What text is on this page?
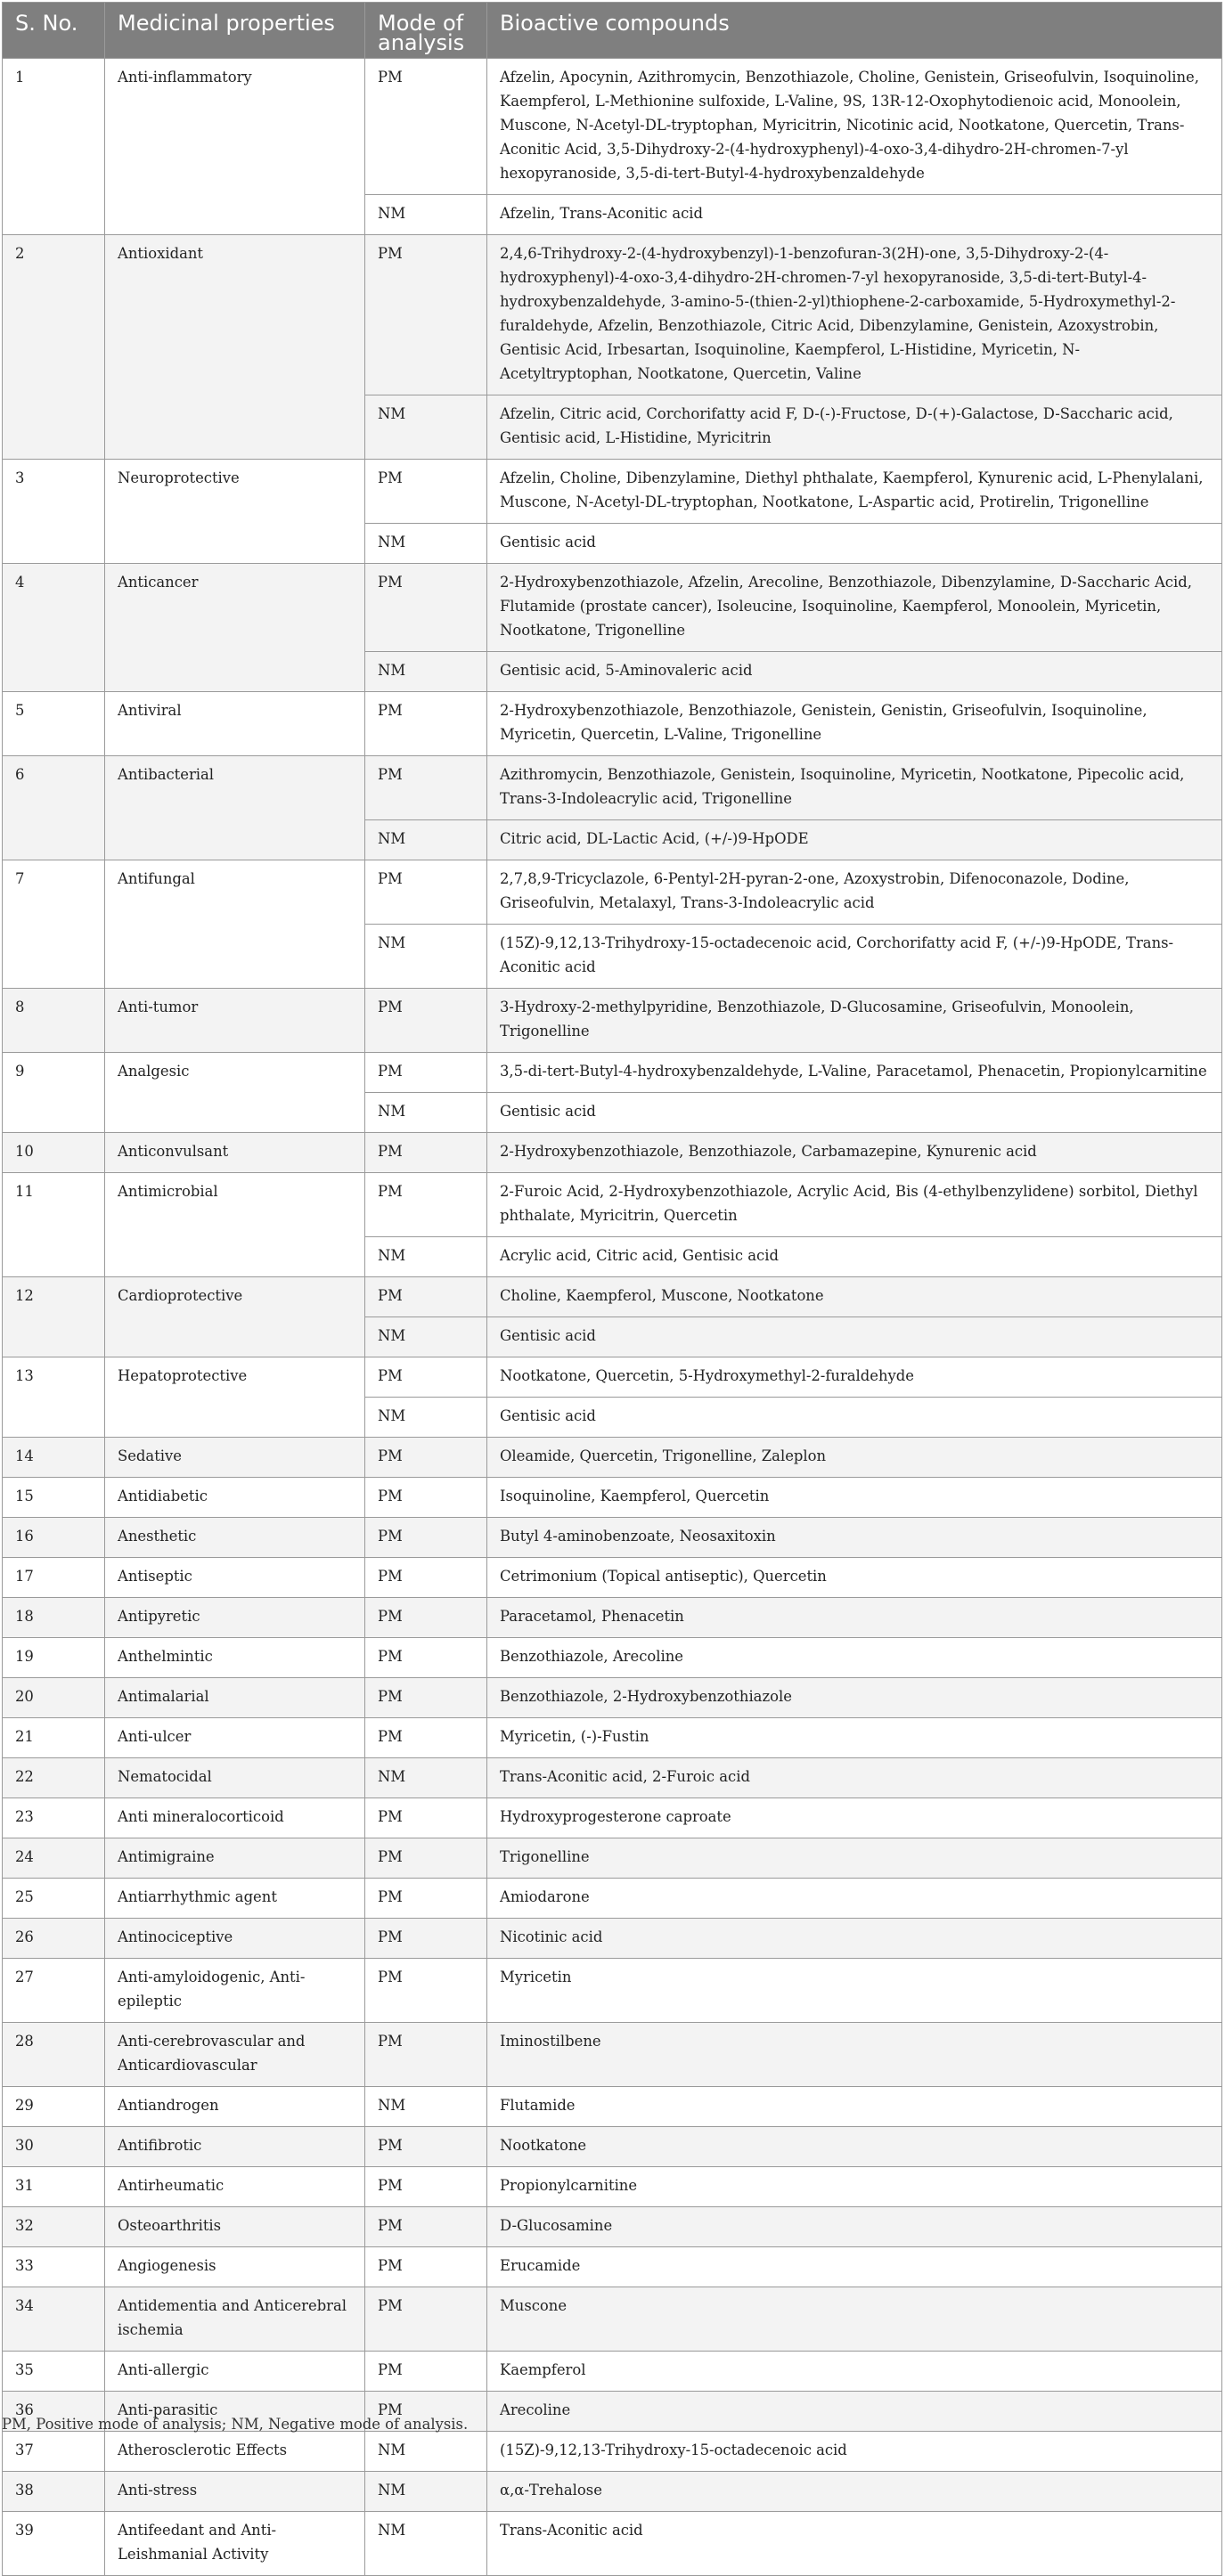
S. No.	Medicinal properties	Mode of analysis	Bioactive compounds
1	Anti-inflammatory	PM	Afzelin, Apocynin, Azithromycin, Benzothiazole, Choline, Genistein, Griseofulvin, Isoquinoline, Kaempferol, L-Methionine sulfoxide, L-Valine, 9S, 13R-12-Oxophytodienoic acid, Monoolein, Muscone, N-Acetyl-DL-tryptophan, Myricitrin, Nicotinic acid, Nootkatone, Quercetin, Trans-Aconitic Acid, 3,5-Dihydroxy-2-(4-hydroxyphenyl)-4-oxo-3,4-dihydro-2H-chromen-7-yl hexopyranoside, 3,5-di-tert-Butyl-4-hydroxybenzaldehyde
		NM	Afzelin, Trans-Aconitic acid
2	Antioxidant	PM	2,4,6-Trihydroxy-2-(4-hydroxybenzyl)-1-benzofuran-3(2H)-one, 3,5-Dihydroxy-2-(4-hydroxyphenyl)-4-oxo-3,4-dihydro-2H-chromen-7-yl hexopyranoside, 3,5-di-tert-Butyl-4-hydroxybenzaldehyde, 3-amino-5-(thien-2-yl)thiophene-2-carboxamide, 5-Hydroxymethyl-2-furaldehyde, Afzelin, Benzothiazole, Citric Acid, Dibenzylamine, Genistein, Azoxystrobin, Gentisic Acid, Irbesartan, Isoquinoline, Kaempferol, L-Histidine, Myricetin, N-Acetyltryptophan, Nootkatone, Quercetin, Valine
		NM	Afzelin, Citric acid, Corchorifatty acid F, D-(-)-Fructose, D-(+)-Galactose, D-Saccharic acid, Gentisic acid, L-Histidine, Myricitrin
3	Neuroprotective	PM	Afzelin, Choline, Dibenzylamine, Diethyl phthalate, Kaempferol, Kynurenic acid, L-Phenylalani, Muscone, N-Acetyl-DL-tryptophan, Nootkatone, L-Aspartic acid, Protirelin, Trigonelline
		NM	Gentisic acid
4	Anticancer	PM	2-Hydroxybenzothiazole, Afzelin, Arecoline, Benzothiazole, Dibenzylamine, D-Saccharic Acid, Flutamide (prostate cancer), Isoleucine, Isoquinoline, Kaempferol, Monoolein, Myricetin, Nootkatone, Trigonelline
		NM	Gentisic acid, 5-Aminovaleric acid
5	Antiviral	PM	2-Hydroxybenzothiazole, Benzothiazole, Genistein, Genistin, Griseofulvin, Isoquinoline, Myricetin, Quercetin, L-Valine, Trigonelline
6	Antibacterial	PM	Azithromycin, Benzothiazole, Genistein, Isoquinoline, Myricetin, Nootkatone, Pipecolic acid, Trans-3-Indoleacrylic acid, Trigonelline
		NM	Citric acid, DL-Lactic Acid, (+/-)9-HpODE
7	Antifungal	PM	2,7,8,9-Tricyclazole, 6-Pentyl-2H-pyran-2-one, Azoxystrobin, Difenoconazole, Dodine, Griseofulvin, Metalaxyl, Trans-3-Indoleacrylic acid
		NM	(15Z)-9,12,13-Trihydroxy-15-octadecenoic acid, Corchorifatty acid F, (+/-)9-HpODE, Trans-Aconitic acid
8	Anti-tumor	PM	3-Hydroxy-2-methylpyridine, Benzothiazole, D-Glucosamine, Griseofulvin, Monoolein, Trigonelline
9	Analgesic	PM	3,5-di-tert-Butyl-4-hydroxybenzaldehyde, L-Valine, Paracetamol, Phenacetin, Propionylcarnitine
		NM	Gentisic acid
10	Anticonvulsant	PM	2-Hydroxybenzothiazole, Benzothiazole, Carbamazepine, Kynurenic acid
11	Antimicrobial	PM	2-Furoic Acid, 2-Hydroxybenzothiazole, Acrylic Acid, Bis (4-ethylbenzylidene) sorbitol, Diethyl phthalate, Myricitrin, Quercetin
		NM	Acrylic acid, Citric acid, Gentisic acid
12	Cardioprotective	PM	Choline, Kaempferol, Muscone, Nootkatone
		NM	Gentisic acid
13	Hepatoprotective	PM	Nootkatone, Quercetin, 5-Hydroxymethyl-2-furaldehyde
		NM	Gentisic acid
14	Sedative	PM	Oleamide, Quercetin, Trigonelline, Zaleplon
15	Antidiabetic	PM	Isoquinoline, Kaempferol, Quercetin
16	Anesthetic	PM	Butyl 4-aminobenzoate, Neosaxitoxin
17	Antiseptic	PM	Cetrimonium (Topical antiseptic), Quercetin
18	Antipyretic	PM	Paracetamol, Phenacetin
19	Anthelmintic	PM	Benzothiazole, Arecoline
20	Antimalarial	PM	Benzothiazole, 2-Hydroxybenzothiazole
21	Anti-ulcer	PM	Myricetin, (-)-Fustin
22	Nematocidal	NM	Trans-Aconitic acid, 2-Furoic acid
23	Anti mineralocorticoid	PM	Hydroxyprogesterone caproate
24	Antimigraine	PM	Trigonelline
25	Antiarrhythmic agent	PM	Amiodarone
26	Antinociceptive	PM	Nicotinic acid
27	Anti-amyloidogenic, Anti-epileptic	PM	Myricetin
28	Anti-cerebrovascular and Anticardiovascular	PM	Iminostilbene
29	Antiandrogen	NM	Flutamide
30	Antifibrotic	PM	Nootkatone
31	Antirheumatic	PM	Propionylcarnitine
32	Osteoarthritis	PM	D-Glucosamine
33	Angiogenesis	PM	Erucamide
34	Antidementia and Anticerebral ischemia	PM	Muscone
35	Anti-allergic	PM	Kaempferol
36	Anti-parasitic	PM	Arecoline
37	Atherosclerotic Effects	NM	(15Z)-9,12,13-Trihydroxy-15-octadecenoic acid
38	Anti-stress	NM	α,α-Trehalose
39	Antifeedant and Anti-Leishmanial Activity	NM	Trans-Aconitic acid
PM, Positive mode of analysis; NM, Negative mode of analysis.
